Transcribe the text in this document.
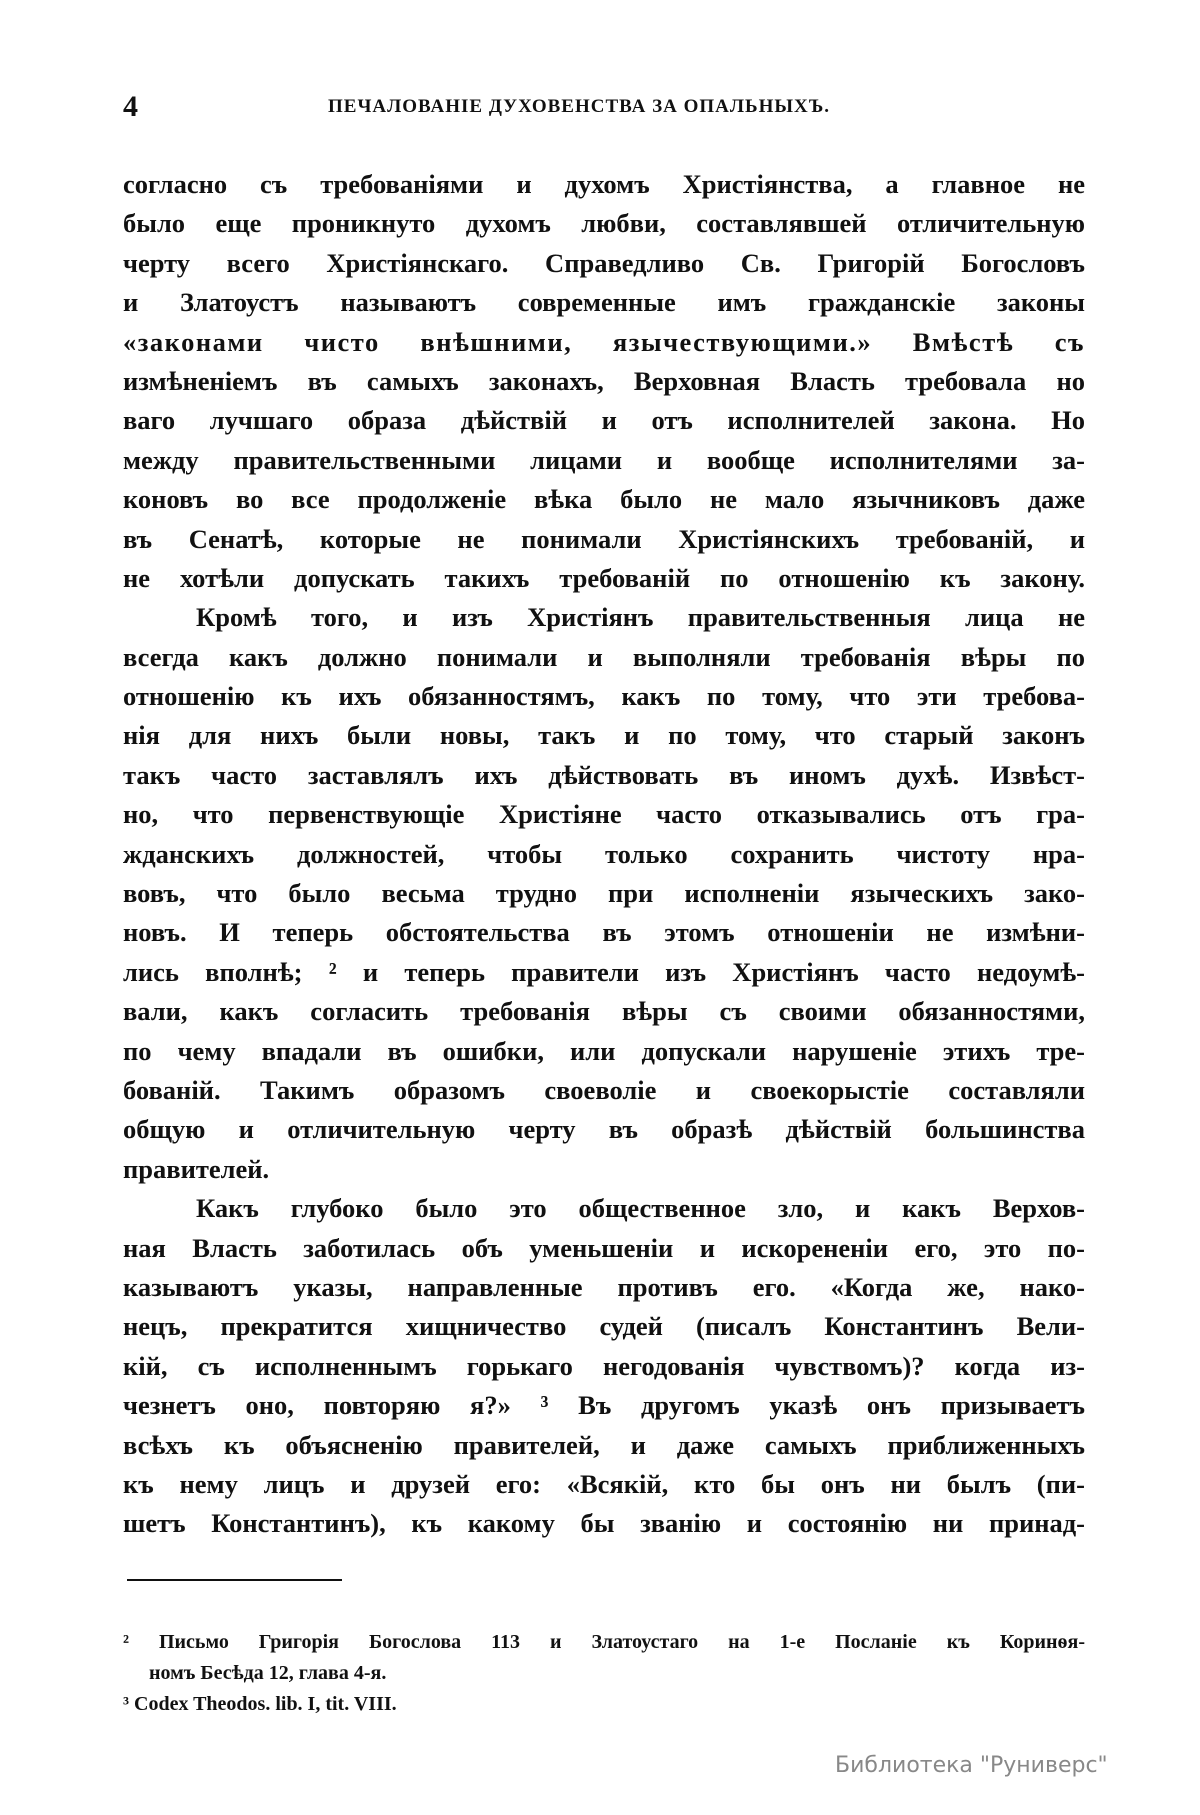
4	ПЕЧАЛОВАНІЕ ДУХОВЕНСТВА ЗА ОПАЛЬНЫХЪ.
согласно съ требованіями и духомъ Христіянства, а главное не
было еще проникнуто духомъ любви, составлявшей отличительную
черту всего Христіянскаго. Справедливо Св. Григорій Богословъ
и Златоустъ называютъ современные имъ гражданскіе законы
«законами чисто внѣшними, язычествующими.» Вмѣстѣ съ
измѣненіемъ въ самыхъ законахъ, Верховная Власть требовала но
ваго лучшаго образа дѣйствій и отъ исполнителей закона. Но
между правительственными лицами и вообще исполнителями за-
коновъ во все продолженіе вѣка было не мало язычниковъ даже
въ Сенатѣ, которые не понимали Христіянскихъ требованій, и
не хотѣли допускать такихъ требованій по отношенію къ закону.
Кромѣ того, и изъ Христіянъ правительственныя лица не
всегда какъ должно понимали и выполняли требованія вѣры по
отношенію къ ихъ обязанностямъ, какъ по тому, что эти требова-
нія для нихъ были новы, такъ и по тому, что старый законъ
такъ часто заставлялъ ихъ дѣйствовать въ иномъ духѣ. Извѣст-
но, что первенствующіе Христіяне часто отказывались отъ гра-
жданскихъ должностей, чтобы только сохранить чистоту нра-
вовъ, что было весьма трудно при исполненіи языческихъ зако-
новъ. И теперь обстоятельства въ этомъ отношеніи не измѣни-
лись вполнѣ; ² и теперь правители изъ Христіянъ часто недоумѣ-
вали, какъ согласить требованія вѣры съ своими обязанностями,
по чему впадали въ ошибки, или допускали нарушеніе этихъ тре-
бованій. Такимъ образомъ своеволіе и своекорыстіе составляли
общую и отличительную черту въ образѣ дѣйствій большинства
правителей.
Какъ глубоко было это общественное зло, и какъ Верхов-
ная Власть заботилась объ уменьшеніи и искорененіи его, это по-
казываютъ указы, направленные противъ его. «Когда же, нако-
нецъ, прекратится хищничество судей (писалъ Константинъ Вели-
кій, съ исполненнымъ горькаго негодованія чувствомъ)? когда из-
чезнетъ оно, повторяю я?» ³ Въ другомъ указѣ онъ призываетъ
всѣхъ къ объясненію правителей, и даже самыхъ приближенныхъ
къ нему лицъ и друзей его: «Всякій, кто бы онъ ни былъ (пи-
шетъ Константинъ), къ какому бы званію и состоянію ни принад-
² Письмо Григорія Богослова 113 и Златоустаго на 1-е Посланіе къ Коринѳя-
номъ Бесѣда 12, глава 4-я.
³ Codex Theodos. lib. I, tit. VIII.
Библиотека "Руниверс"
